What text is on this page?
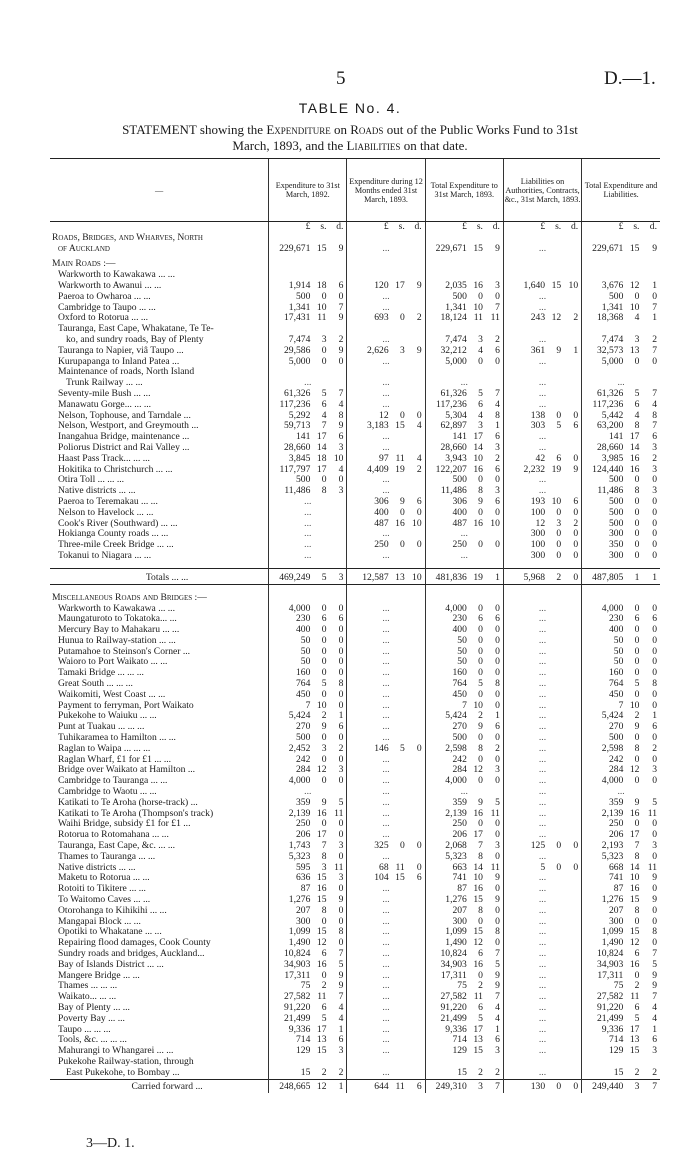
5	D.—1.
TABLE No. 4.
STATEMENT showing the Expenditure on Roads out of the Public Works Fund to 31st
March, 1893, and the Liabilities on that date.
—	Expenditure to 31st March, 1892.			Expenditure during 12 Months ended 31st March, 1893.			Total Expenditure to 31st March, 1893.			Liabilities on Authorities, Contracts, &c., 31st March, 1893.			Total Expenditure and Liabilities.		
	£	s.	d.	£	s.	d.	£	s.	d.	£	s.	d.	£	s.	d.
Roads, Bridges, and Wharves, North															
of Auckland	229,671	15	9	...			229,671	15	9	...			229,671	15	9
Main Roads :—															
Warkworth to Kawakawa ... ...															
Warkworth to Awanui ... ...	1,914	18	6	120	17	9	2,035	16	3	1,640	15	10	3,676	12	1
Paeroa to Owharoa ... ...	500	0	0	...			500	0	0	...			500	0	0
Cambridge to Taupo ... ...	1,341	10	7	...			1,341	10	7	...			1,341	10	7
Oxford to Rotorua ... ...	17,431	11	9	693	0	2	18,124	11	11	243	12	2	18,368	4	1
Tauranga, East Cape, Whakatane, Te Te-															
ko, and sundry roads, Bay of Plenty	7,474	3	2	...			7,474	3	2	...			7,474	3	2
Tauranga to Napier, viâ Taupo ...	29,586	0	9	2,626	3	9	32,212	4	6	361	9	1	32,573	13	7
Kurupapanga to Inland Patea ...	5,000	0	0	...			5,000	0	0	...			5,000	0	0
Maintenance of roads, North Island															
Trunk Railway ... ...	...			...			...			...			...		
Seventy-mile Bush ... ...	61,326	5	7	...			61,326	5	7	...			61,326	5	7
Manawatu Gorge... ... ...	117,236	6	4	...			117,236	6	4	...			117,236	6	4
Nelson, Tophouse, and Tarndale ...	5,292	4	8	12	0	0	5,304	4	8	138	0	0	5,442	4	8
Nelson, Westport, and Greymouth ...	59,713	7	9	3,183	15	4	62,897	3	1	303	5	6	63,200	8	7
Inangahua Bridge, maintenance ...	141	17	6	...			141	17	6	...			141	17	6
Poliorus District and Rai Valley ...	28,660	14	3	...			28,660	14	3	...			28,660	14	3
Haast Pass Track... ... ...	3,845	18	10	97	11	4	3,943	10	2	42	6	0	3,985	16	2
Hokitika to Christchurch ... ...	117,797	17	4	4,409	19	2	122,207	16	6	2,232	19	9	124,440	16	3
Otira Toll ... ... ...	500	0	0	...			500	0	0	...			500	0	0
Native districts ... ...	11,486	8	3	...			11,486	8	3	...			11,486	8	3
Paeroa to Teremakau ... ...	...			306	9	6	306	9	6	193	10	6	500	0	0
Nelson to Havelock ... ...	...			400	0	0	400	0	0	100	0	0	500	0	0
Cook's River (Southward) ... ...	...			487	16	10	487	16	10	12	3	2	500	0	0
Hokianga County roads ... ...	...			...			...			300	0	0	300	0	0
Three-mile Creek Bridge ... ...	...			250	0	0	250	0	0	100	0	0	350	0	0
Tokanui to Niagara ... ...	...			...			...			300	0	0	300	0	0

Totals ... ...	469,249	5	3	12,587	13	10	481,836	19	1	5,968	2	0	487,805	1	1
Miscellaneous Roads and Bridges :—															
Warkworth to Kawakawa ... ...	4,000	0	0	...			4,000	0	0	...			4,000	0	0
Maungaturoto to Tokatoka... ...	230	6	6	...			230	6	6	...			230	6	6
Mercury Bay to Mahakaru ... ...	400	0	0	...			400	0	0	...			400	0	0
Hunua to Railway-station ... ...	50	0	0	...			50	0	0	...			50	0	0
Putamahoe to Steinson's Corner ...	50	0	0	...			50	0	0	...			50	0	0
Waioro to Port Waikato ... ...	50	0	0	...			50	0	0	...			50	0	0
Tamaki Bridge ... ... ...	160	0	0	...			160	0	0	...			160	0	0
Great South ... ... ...	764	5	8	...			764	5	8	...			764	5	8
Waikomiti, West Coast ... ...	450	0	0	...			450	0	0	...			450	0	0
Payment to ferryman, Port Waikato	7	10	0	...			7	10	0	...			7	10	0
Pukekohe to Waiuku ... ...	5,424	2	1	...			5,424	2	1	...			5,424	2	1
Punt at Tuakau ... ... ...	270	9	6	...			270	9	6	...			270	9	6
Tuhikaramea to Hamilton ... ...	500	0	0	...			500	0	0	...			500	0	0
Raglan to Waipa ... ... ...	2,452	3	2	146	5	0	2,598	8	2	...			2,598	8	2
Raglan Wharf, £1 for £1 ... ...	242	0	0	...			242	0	0	...			242	0	0
Bridge over Waikato at Hamilton ...	284	12	3	...			284	12	3	...			284	12	3
Cambridge to Tauranga ... ...	4,000	0	0	...			4,000	0	0	...			4,000	0	0
Cambridge to Waotu ... ...	...			...			...			...			...		
Katikati to Te Aroha (horse-track) ...	359	9	5	...			359	9	5	...			359	9	5
Katikati to Te Aroha (Thompson's track)	2,139	16	11	...			2,139	16	11	...			2,139	16	11
Waihi Bridge, subsidy £1 for £1 ...	250	0	0	...			250	0	0	...			250	0	0
Rotorua to Rotomahana ... ...	206	17	0	...			206	17	0	...			206	17	0
Tauranga, East Cape, &c. ... ...	1,743	7	3	325	0	0	2,068	7	3	125	0	0	2,193	7	3
Thames to Tauranga ... ...	5,323	8	0	...			5,323	8	0	...			5,323	8	0
Native districts ... ...	595	3	11	68	11	0	663	14	11	5	0	0	668	14	11
Maketu to Rotorua ... ...	636	15	3	104	15	6	741	10	9	...			741	10	9
Rotoiti to Tikitere ... ...	87	16	0	...			87	16	0	...			87	16	0
To Waitomo Caves ... ...	1,276	15	9	...			1,276	15	9	...			1,276	15	9
Otorohanga to Kihikihi ... ...	207	8	0	...			207	8	0	...			207	8	0
Mangapai Block ... ...	300	0	0	...			300	0	0	...			300	0	0
Opotiki to Whakatane ... ...	1,099	15	8	...			1,099	15	8	...			1,099	15	8
Repairing flood damages, Cook County	1,490	12	0	...			1,490	12	0	...			1,490	12	0
Sundry roads and bridges, Auckland...	10,824	6	7	...			10,824	6	7	...			10,824	6	7
Bay of Islands District ... ...	34,903	16	5	...			34,903	16	5	...			34,903	16	5
Mangere Bridge ... ...	17,311	0	9	...			17,311	0	9	...			17,311	0	9
Thames ... ... ...	75	2	9	...			75	2	9	...			75	2	9
Waikato... ... ...	27,582	11	7	...			27,582	11	7	...			27,582	11	7
Bay of Plenty ... ...	91,220	6	4	...			91,220	6	4	...			91,220	6	4
Poverty Bay ... ...	21,499	5	4	...			21,499	5	4	...			21,499	5	4
Taupo ... ... ...	9,336	17	1	...			9,336	17	1	...			9,336	17	1
Tools, &c. ... ... ...	714	13	6	...			714	13	6	...			714	13	6
Mahurangi to Whangarei ... ...	129	15	3	...			129	15	3	...			129	15	3
Pukekohe Railway-station, through															
East Pukekohe, to Bombay ...	15	2	2	...			15	2	2	...			15	2	2
Carried forward ...	248,665	12	1	644	11	6	249,310	3	7	130	0	0	249,440	3	7
3—D. 1.
